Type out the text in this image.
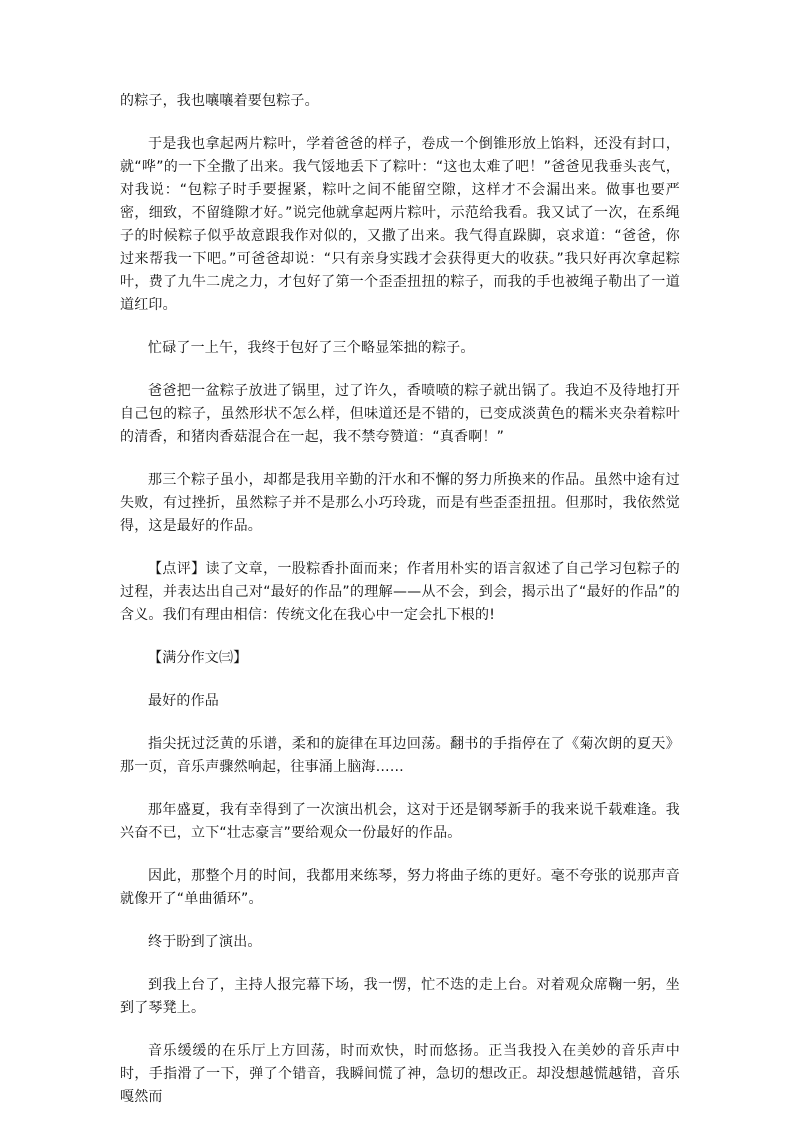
的粽子，我也嚷嚷着要包粽子。

于是我也拿起两片粽叶，学着爸爸的样子，卷成一个倒锥形放上馅料，还没有封口，就“哗”的一下全撒了出来。我气馁地丢下了粽叶：“这也太难了吧！”爸爸见我垂头丧气，对我说：“包粽子时手要握紧，粽叶之间不能留空隙，这样才不会漏出来。做事也要严密，细致，不留缝隙才好。”说完他就拿起两片粽叶，示范给我看。我又试了一次，在系绳子的时候粽子似乎故意跟我作对似的，又撒了出来。我气得直跺脚，哀求道：“爸爸，你过来帮我一下吧。”可爸爸却说：“只有亲身实践才会获得更大的收获。”我只好再次拿起粽叶，费了九牛二虎之力，才包好了第一个歪歪扭扭的粽子，而我的手也被绳子勒出了一道道红印。

忙碌了一上午，我终于包好了三个略显笨拙的粽子。

爸爸把一盆粽子放进了锅里，过了许久，香喷喷的粽子就出锅了。我迫不及待地打开自己包的粽子，虽然形状不怎么样，但味道还是不错的，已变成淡黄色的糯米夹杂着粽叶的清香，和猪肉香菇混合在一起，我不禁夸赞道：“真香啊！”

那三个粽子虽小，却都是我用辛勤的汗水和不懈的努力所换来的作品。虽然中途有过失败，有过挫折，虽然粽子并不是那么小巧玲珑，而是有些歪歪扭扭。但那时，我依然觉得，这是最好的作品。

【点评】读了文章，一股粽香扑面而来；作者用朴实的语言叙述了自己学习包粽子的过程，并表达出自己对“最好的作品”的理解——从不会，到会，揭示出了“最好的作品”的含义。我们有理由相信：传统文化在我心中一定会扎下根的!

【满分作文㈢】

最好的作品

指尖抚过泛黄的乐谱，柔和的旋律在耳边回荡。翻书的手指停在了《菊次朗的夏天》那一页，音乐声骤然响起，往事涌上脑海……

那年盛夏，我有幸得到了一次演出机会，这对于还是钢琴新手的我来说千载难逢。我兴奋不已，立下“壮志豪言”要给观众一份最好的作品。

因此，那整个月的时间，我都用来练琴，努力将曲子练的更好。毫不夸张的说那声音就像开了“单曲循环”。

终于盼到了演出。

到我上台了，主持人报完幕下场，我一愣，忙不迭的走上台。对着观众席鞠一躬，坐到了琴凳上。

音乐缓缓的在乐厅上方回荡，时而欢快，时而悠扬。正当我投入在美妙的音乐声中时，手指滑了一下，弹了个错音，我瞬间慌了神，急切的想改正。却没想越慌越错，音乐嘎然而
